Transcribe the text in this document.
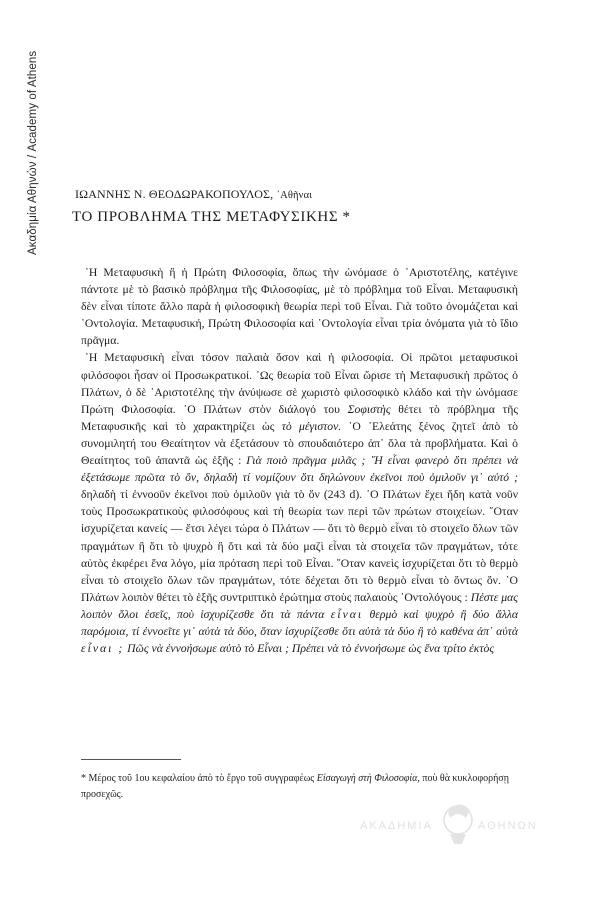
Ακαδημία Αθηνών / Academy of Athens	ΙΩΑΝΝΗΣ Ν. ΘΕΟΔΩΡΑΚΟΠΟΥΛΟΣ, ᾿Αθῆναι
ΤΟ ΠΡΟΒΛΗΜΑ ΤΗΣ ΜΕΤΑΦΥΣΙΚΗΣ *

῾Η Μεταφυσικὴ ἢ ἡ Πρώτη Φιλοσοφία, ὅπως τὴν ὠνόμασε ὁ ᾿Αριστοτέλης, κατέγινε πάντοτε μὲ τὸ βασικὸ πρόβλημα τῆς Φιλοσοφίας, μὲ τὸ πρόβλημα τοῦ Εἶναι. Μεταφυσικὴ δὲν εἶναι τίποτε ἄλλο παρὰ ἡ φιλοσοφικὴ θεωρία περὶ τοῦ Εἶναι. Γιὰ τοῦτο ὀνομάζεται καὶ ᾿Οντολογία. Μεταφυσική, Πρώτη Φιλοσοφία καὶ ᾿Οντολογία εἶναι τρία ὀνόματα γιὰ τὸ ἴδιο πρᾶγμα.

῾Η Μεταφυσικὴ εἶναι τόσον παλαιὰ ὅσον καὶ ἡ φιλοσοφία. Οἱ πρῶτοι μεταφυσικοὶ φιλόσοφοι ἦσαν οἱ Προσωκρατικοί. ῾Ως θεωρία τοῦ Εἶναι ὥρισε τὴ Μεταφυσικὴ πρῶτος ὁ Πλάτων, ὁ δὲ ᾿Αριστοτέλης τὴν ἀνύψωσε σὲ χωριστὸ φιλοσοφικὸ κλάδο καὶ τὴν ὠνόμασε Πρώτη Φιλοσοφία. ῾Ο Πλάτων στὸν διάλογό του Σοφιστὴς θέτει τὸ πρόβλημα τῆς Μεταφυσικῆς καὶ τὸ χαρακτηρίζει ὡς τὸ μέγιστον. ῾Ο ᾿Ελεάτης ξένος ζητεῖ ἀπὸ τὸ συνομιλητή του Θεαίτητον νὰ ἐξετάσουν τὸ σπουδαιότερο ἀπ᾿ ὅλα τὰ προβλήματα. Καὶ ὁ Θεαίτητος τοῦ ἀπαντᾶ ὡς ἑξῆς : Γιὰ ποιὸ πρᾶγμα μιλᾶς ; ῞Η εἶναι φανερὸ ὅτι πρέπει νὰ ἐξετάσωμε πρῶτα τὸ ὄν, δηλαδὴ τί νομίζουν ὅτι δηλώνουν ἐκεῖνοι ποὺ ὁμιλοῦν γι᾿ αὐτό ; δηλαδὴ τί ἐννοοῦν ἐκεῖνοι ποὺ ὁμιλοῦν γιὰ τὸ ὄν (243 d). ῾Ο Πλάτων ἔχει ἤδη κατὰ νοῦν τοὺς Προσωκρατικοὺς φιλοσόφους καὶ τὴ θεωρία των περὶ τῶν πρώτων στοιχείων. ῞Οταν ἰσχυρίζεται κανείς — ἔτσι λέγει τώρα ὁ Πλάτων — ὅτι τὸ θερμὸ εἶναι τὸ στοιχεῖο ὅλων τῶν πραγμάτων ἢ ὅτι τὸ ψυχρὸ ἢ ὅτι καὶ τὰ δύο μαζὶ εἶναι τὰ στοιχεῖα τῶν πραγμάτων, τότε αὐτὸς ἐκφέρει ἕνα λόγο, μία πρόταση περὶ τοῦ Εἶναι. ῞Οταν κανεὶς ἰσχυρίζεται ὅτι τὸ θερμὸ εἶναι τὸ στοιχεῖο ὅλων τῶν πραγμάτων, τότε δέχεται ὅτι τὸ θερμὸ εἶναι τὸ ὄντως ὄν. ῾Ο Πλάτων λοιπὸν θέτει τὸ ἑξῆς συντριπτικὸ ἐρώτημα στοὺς παλαιοὺς ᾿Οντολόγους : Πέστε μας λοιπὸν ὅλοι ἐσεῖς, ποὺ ἰσχυρίζεσθε ὅτι τὰ πάντα εἶναι θερμὸ καὶ ψυχρὸ ἢ δύο ἄλλα παρόμοια, τί ἐννοεῖτε γι᾿ αὐτὰ τὰ δύο, ὅταν ἰσχυρίζεσθε ὅτι αὐτὰ τὰ δύο ἢ τὸ καθένα ἀπ᾿ αὐτὰ εἶναι ; Πῶς νὰ ἐννοήσωμε αὐτὸ τὸ Εἶναι ; Πρέπει νὰ τὸ ἐννοήσωμε ὡς ἕνα τρίτο ἐκτὸς

* Μέρος τοῦ 1ου κεφαλαίου ἀπὸ τὸ ἔργο τοῦ συγγραφέως Εἰσαγωγὴ στὴ Φιλοσοφία, ποὺ θὰ κυκλοφορήσῃ προσεχῶς.
ΑΚΑΔΗΜΙΑ	ΑΘΗΝΩΝ
